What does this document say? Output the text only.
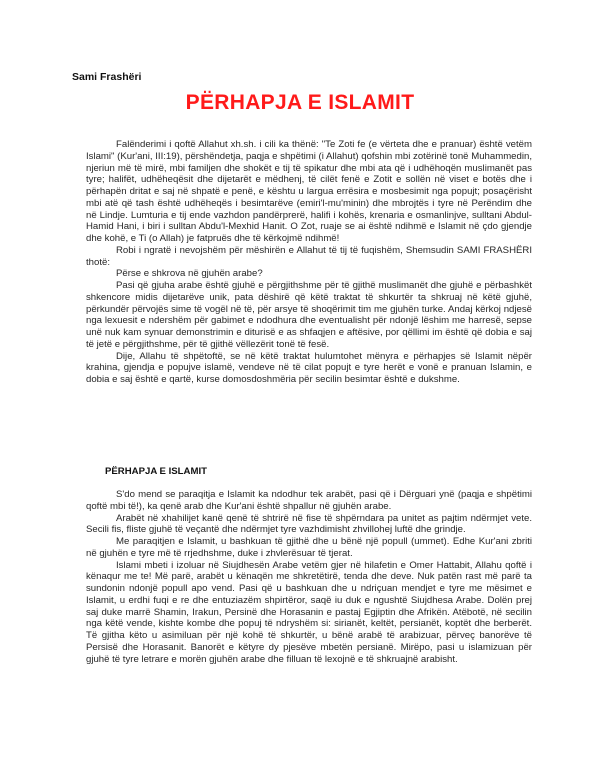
Sami Frashëri
PËRHAPJA E ISLAMIT

Falënderimi i qoftë Allahut xh.sh. i cili ka thënë: "Te Zoti fe (e vërteta dhe e pranuar) është vetëm Islami" (Kur'ani, III:19), përshëndetja, paqja e shpëtimi (i Allahut) qofshin mbi zotërinë tonë Muhammedin, njeriun më të mirë, mbi familjen dhe shokët e tij të spikatur dhe mbi ata që i udhëhoqën muslimanët pas tyre; halifët, udhëheqësit dhe dijetarët e mëdhenj, të cilët fenë e Zotit e sollën në viset e botës dhe i përhapën dritat e saj në shpatë e penë, e kështu u largua errësira e mosbesimit nga popujt; posaçërisht mbi atë që tash është udhëheqës i besimtarëve (emiri'l-mu'minin) dhe mbrojtës i tyre në Perëndim dhe në Lindje. Lumturia e tij ende vazhdon pandërprerë, halifi i kohës, krenaria e osmanlinjve, sulltani Abdul-Hamid Hani, i biri i sulltan Abdu'l-Mexhid Hanit. O Zot, ruaje se ai është ndihmë e Islamit në çdo gjendje dhe kohë, e Ti (o Allah) je fatpruës dhe të kërkojmë ndihmë!

Robi i ngratë i nevojshëm për mëshirën e Allahut të tij të fuqishëm, Shemsudin SAMI FRASHËRI thotë:

Përse e shkrova në gjuhën arabe?

Pasi që gjuha arabe është gjuhë e përgjithshme për të gjithë muslimanët dhe gjuhë e përbashkët shkencore midis dijetarëve unik, pata dëshirë që këtë traktat të shkurtër ta shkruaj në këtë gjuhë, përkundër përvojës sime të vogël në të, për arsye të shoqërimit tim me gjuhën turke. Andaj kërkoj ndjesë nga lexuesit e ndershëm për gabimet e ndodhura dhe eventualisht për ndonjë lëshim me harresë, sepse unë nuk kam synuar demonstrimin e diturisë e as shfaqjen e aftësive, por qëllimi im është që dobia e saj të jetë e përgjithshme, për të gjithë vëllezërit tonë të fesë.

Dije, Allahu të shpëtoftë, se në këtë traktat hulumtohet mënyra e përhapjes së Islamit nëpër krahina, gjendja e popujve islamë, vendeve në të cilat popujt e tyre herët e vonë e pranuan Islamin, e dobia e saj është e qartë, kurse domosdoshmëria për secilin besimtar është e dukshme.

PËRHAPJA E ISLAMIT

S'do mend se paraqitja e Islamit ka ndodhur tek arabët, pasi që i Dërguari ynë (paqja e shpëtimi qoftë mbi të!), ka qenë arab dhe Kur'ani është shpallur në gjuhën arabe.

Arabët në xhahilijet kanë qenë të shtrirë në fise të shpërndara pa unitet as pajtim ndërmjet vete. Secili fis, fliste gjuhë të veçantë dhe ndërmjet tyre vazhdimisht zhvillohej luftë dhe grindje.

Me paraqitjen e Islamit, u bashkuan të gjithë dhe u bënë një popull (ummet). Edhe Kur'ani zbriti në gjuhën e tyre më të rrjedhshme, duke i zhvlerësuar të tjerat.

Islami mbeti i izoluar në Siujdhesën Arabe vetëm gjer në hilafetin e Omer Hattabit, Allahu qoftë i kënaqur me te! Më parë, arabët u kënaqën me shkretëtirë, tenda dhe deve. Nuk patën rast më parë ta sundonin ndonjë popull apo vend. Pasi që u bashkuan dhe u ndriçuan mendjet e tyre me mësimet e Islamit, u erdhi fuqi e re dhe entuziazëm shpirtëror, saqë iu duk e ngushtë Siujdhesa Arabe. Dolën prej saj duke marrë Shamin, Irakun, Persinë dhe Horasanin e pastaj Egjiptin dhe Afrikën. Atëbotë, në secilin nga këtë vende, kishte kombe dhe popuj të ndryshëm si: sirianët, keltët, persianët, koptët dhe berberët. Të gjitha këto u asimiluan për një kohë të shkurtër, u bënë arabë të arabizuar, përveç banorëve të Persisë dhe Horasanit. Banorët e këtyre dy pjesëve mbetën persianë. Mirëpo, pasi u islamizuan për gjuhë të tyre letrare e morën gjuhën arabe dhe filluan të lexojnë e të shkruajnë arabisht.
